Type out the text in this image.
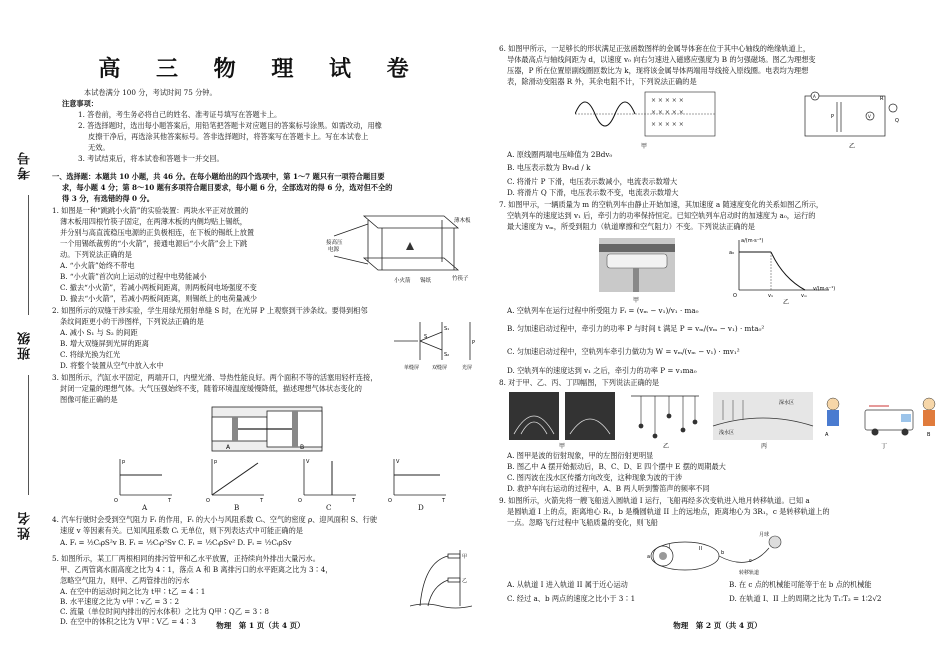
考号
班级
姓名
高 三 物 理 试 卷
本试卷满分 100 分，考试时间 75 分钟。
注意事项：
1. 答卷前，考生务必将自己的姓名、准考证号填写在答题卡上。
2. 答选择题时，选出每小题答案后，用铅笔把答题卡对应题目的答案标号涂黑。如需改动，用橡
皮擦干净后，再选涂其他答案标号。答非选择题时，将答案写在答题卡上。写在本试卷上
无效。
3. 考试结束后，将本试卷和答题卡一并交回。
一、选择题：本题共 10 小题，共 46 分。在每小题给出的四个选项中，第 1～7 题只有一项符合题目要
求，每小题 4 分；第 8～10 题有多项符合题目要求，每小题 6 分，全部选对的得 6 分，选对但不全的
得 3 分，有选错的得 0 分。
1. 如图是一种“跳跳小火箭”的实验装置：两块水平正对放置的
薄木板用四根竹筷子固定，在两薄木板的内侧均贴上锡纸，
并分别与高直流稳压电源的正负极相连，在下板的锡纸上放置
一个用锡纸裁剪的“小火箭”，接通电源后“小火箭”会上下跳
动。下列说法正确的是
A. “小火箭”始终不带电
B. “小火箭”首次向上运动的过程中电势能减小
C. 撤去“小火箭”，若减小两板间距离，则两板间电场强度不变
D. 撤去“小火箭”，若减小两板间距离，则锡纸上的电荷量减少
接高压
电源
小火箭 锡纸
薄木板
竹筷子
2. 如图所示的双缝干涉实验，学生用绿光照射单缝 S 时，在光屏 P 上观察到干涉条纹。要得到相邻
条纹间距更小的干涉图样，下列说法正确的是
A. 减小 S₁ 与 S₂ 的间距
B. 增大双缝屏到光屏的距离
C. 将绿光换为红光
D. 将整个装置从空气中放入水中
S
S₁
S₂
P
单缝屏	双缝屏	光屏
3. 如图所示，汽缸水平固定，两端开口，内壁光滑、导热性能良好。两个面积不等的活塞用轻杆连接，
封闭一定量的理想气体。大气压强始终不变，随着环境温度缓慢降低，描述理想气体状态变化的
图像可能正确的是
A	B
p
T
O
p
T
O
V
T
O
V
T
O
A	B	C	D
4. 汽车行驶时会受到空气阻力 Fᵢ 的作用，Fᵢ 的大小与风阻系数 Cᵢ、空气的密度 ρ、迎风面积 S、行驶
速度 v 等因素有关。已知风阻系数 Cᵢ 无单位，则下列表达式中可能正确的是
A. Fᵢ = ½CᵢρS²v B. Fᵢ = ½Cᵢρ²Sv C. Fᵢ = ½CᵢρSv² D. Fᵢ = ½CᵢρSv
5. 如图所示，某工厂两根相同的排污管甲和乙水平放置，正持续向外排出大量污水。
甲、乙两管离水面高度之比为 4∶1，落点 A 和 B 离排污口的水平距离之比为 3∶4，
忽略空气阻力，则甲、乙两管排出的污水
A. 在空中的运动时间之比为 t甲∶t乙 = 4∶1
B. 水平速度之比为 v甲∶v乙 = 3∶2
C. 流量（单位时间内排出的污水体积）之比为 Q甲∶Q乙 = 3∶8
D. 在空中的体积之比为 V甲∶V乙 = 4∶3
甲
乙
物理　第 1 页（共 4 页）
6. 如图甲所示，一足够长的形状满足正弦函数图样的金属导体套在位于其中心轴线的绝缘轨道上，
导体最高点与轴线间距为 d，以速度 v₀ 向右匀速进入磁感应强度为 B 的匀强磁场。图乙为理想变
压器，P 所在位置原副线圈匝数比为 k，现将该金属导体两端用导线接入原线圈。电表均为理想
表，除滑动变阻器 R 外，其余电阻不计，下列说法正确的是
× × × × ×
× × × × ×
× × × × ×
甲
A
V
P
R
Q
乙
A. 原线圈两端电压峰值为 2Bdv₀
B. 电压表示数为 Bv₀d / k
C. 将滑片 P 下滑，电压表示数减小，电流表示数增大
D. 将滑片 Q 下滑，电压表示数不变，电流表示数增大
7. 如图甲示，一辆质量为 m 的空轨列车由静止开始加速，其加速度 a 随速度变化的关系如图乙所示，
空轨列车的速度达到 v₁ 后，牵引力的功率保持恒定。已知空轨列车启动时的加速度为 a₀，运行的
最大速度为 vₘ，所受到阻力（轨道摩擦和空气阻力）不变。下列说法正确的是
甲
a/(m·s⁻²)
a₀
O	v₁	vₘ
v/(m·s⁻¹)
乙
A. 空轨列车在运行过程中所受阻力 Fᵢ = (vₘ − v₁)/v₁ · ma₀
B. 匀加速启动过程中，牵引力的功率 P 与时间 t 满足 P = vₘ/(vₘ − v₁) · mta₀²
C. 匀加速启动过程中，空轨列车牵引力做功为 W = vₘ/(vₘ − v₁) · mv₁²
D. 空轨列车的速度达到 v₁ 之后，牵引力的功率 P = v₁ma₀
8. 对于甲、乙、丙、丁四幅图，下列说法正确的是
甲	乙
深水区
浅水区
丙
A	B
丁
A. 图甲是波的衍射现象，甲的左图衍射更明显
B. 图乙中 A 摆开始振动后，B、C、D、E 四个摆中 E 摆的周期最大
C. 图丙波在浅水区传播方向改变，这种现象为波的干涉
D. 救护车向右运动的过程中，A、B 两人听到警笛声的频率不同
9. 如图所示，火箭先将一艘飞船送入圆轨道 I 运行，飞船再经多次变轨进入地月转移轨道。已知 a
是圆轨道 I 上的点，距离地心 R₁，b 是椭圆轨道 II 上的远地点，距离地心为 3R₁，c 是转移轨道上的
一点。忽略飞行过程中飞船质量的变化，则飞船
月球
a
b
c
I	II
转移轨道
A. 从轨道 I 进入轨道 II 属于近心运动	B. 在 c 点的机械能可能等于在 b 点的机械能
C. 经过 a、b 两点的速度之比小于 3∶1	D. 在轨道 I、II 上的周期之比为 T₁∶T₂ = 1∶2√2
物理　第 2 页（共 4 页）
